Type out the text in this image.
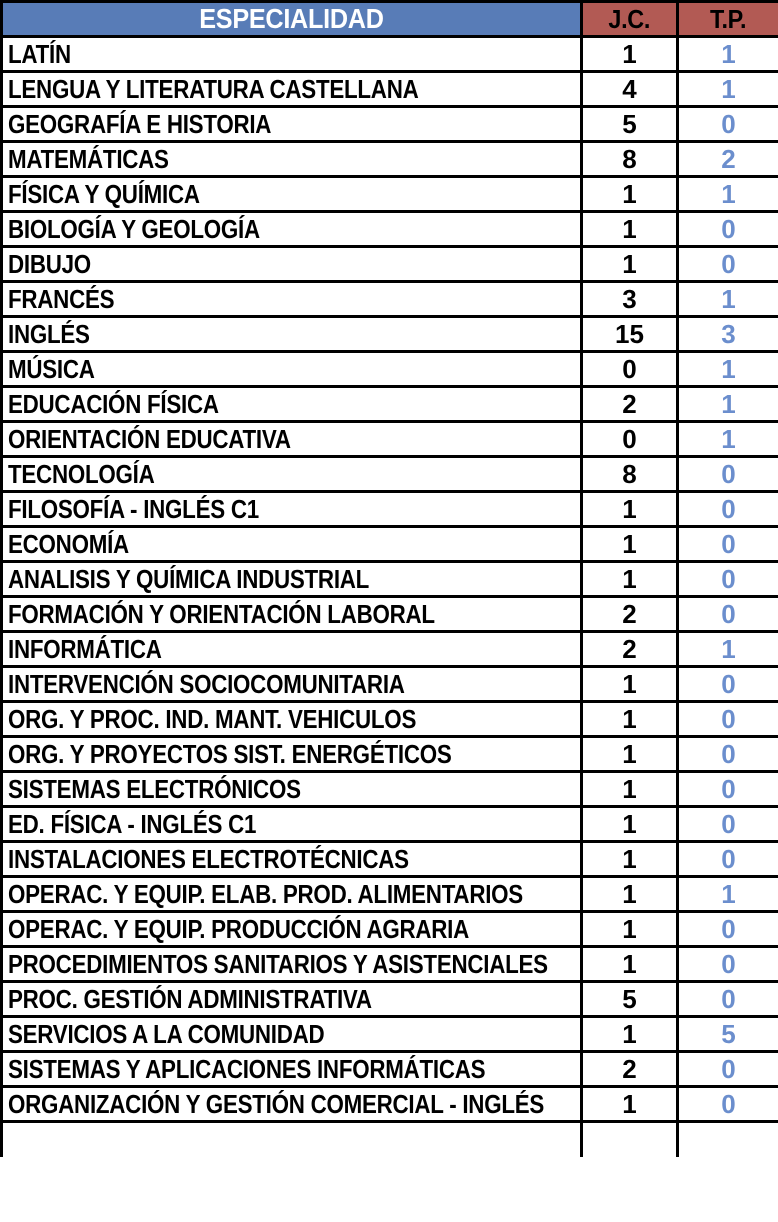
ESPECIALIDAD	J.C.	T.P.
LATÍN	1	1
LENGUA Y LITERATURA CASTELLANA	4	1
GEOGRAFÍA E HISTORIA	5	0
MATEMÁTICAS	8	2
FÍSICA Y QUÍMICA	1	1
BIOLOGÍA Y GEOLOGÍA	1	0
DIBUJO	1	0
FRANCÉS	3	1
INGLÉS	15	3
MÚSICA	0	1
EDUCACIÓN FÍSICA	2	1
ORIENTACIÓN EDUCATIVA	0	1
TECNOLOGÍA	8	0
FILOSOFÍA - INGLÉS C1	1	0
ECONOMÍA	1	0
ANALISIS Y QUÍMICA INDUSTRIAL	1	0
FORMACIÓN Y ORIENTACIÓN LABORAL	2	0
INFORMÁTICA	2	1
INTERVENCIÓN SOCIOCOMUNITARIA	1	0
ORG. Y PROC. IND. MANT. VEHICULOS	1	0
ORG. Y PROYECTOS SIST. ENERGÉTICOS	1	0
SISTEMAS ELECTRÓNICOS	1	0
ED. FÍSICA - INGLÉS C1	1	0
INSTALACIONES ELECTROTÉCNICAS	1	0
OPERAC. Y EQUIP. ELAB. PROD. ALIMENTARIOS	1	1
OPERAC. Y EQUIP. PRODUCCIÓN AGRARIA	1	0
PROCEDIMIENTOS SANITARIOS Y ASISTENCIALES	1	0
PROC. GESTIÓN ADMINISTRATIVA	5	0
SERVICIOS A LA COMUNIDAD	1	5
SISTEMAS Y APLICACIONES INFORMÁTICAS	2	0
ORGANIZACIÓN Y GESTIÓN COMERCIAL - INGLÉS	1	0
